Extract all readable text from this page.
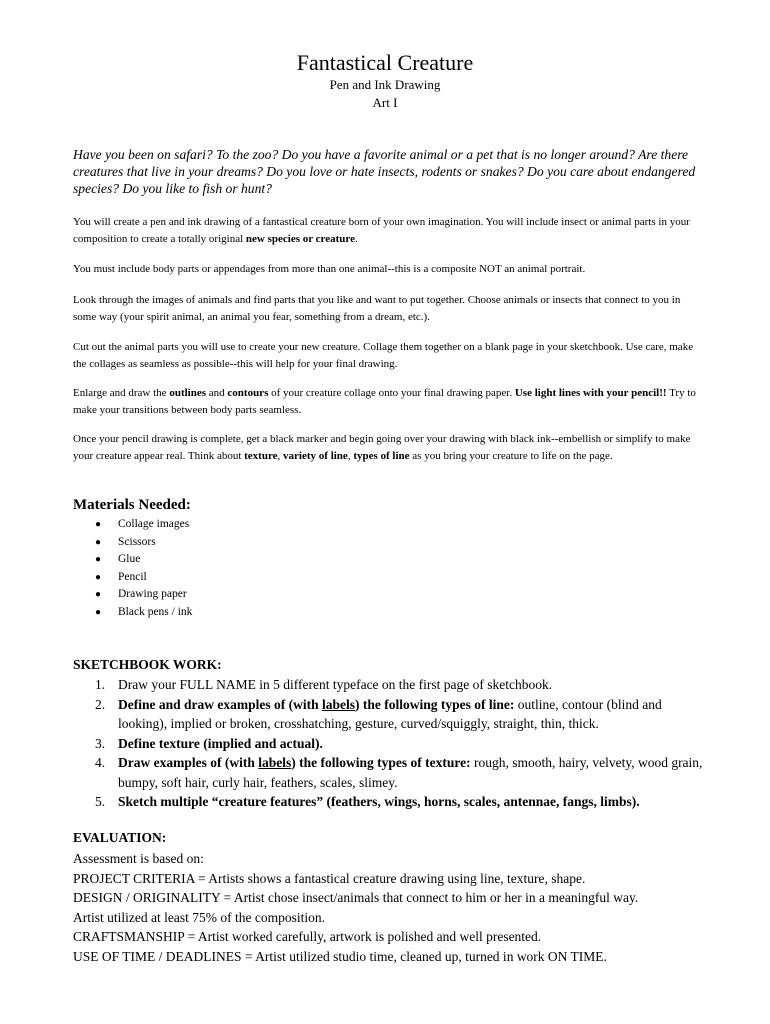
Fantastical Creature
Pen and Ink Drawing
Art I

Have you been on safari? To the zoo? Do you have a favorite animal or a pet that is no longer around? Are there creatures that live in your dreams? Do you love or hate insects, rodents or snakes? Do you care about endangered species? Do you like to fish or hunt?

You will create a pen and ink drawing of a fantastical creature born of your own imagination. You will include insect or animal parts in your composition to create a totally original new species or creature.

You must include body parts or appendages from more than one animal--this is a composite NOT an animal portrait.

Look through the images of animals and find parts that you like and want to put together. Choose animals or insects that connect to you in some way (your spirit animal, an animal you fear, something from a dream, etc.).

Cut out the animal parts you will use to create your new creature. Collage them together on a blank page in your sketchbook. Use care, make the collages as seamless as possible--this will help for your final drawing.

Enlarge and draw the outlines and contours of your creature collage onto your final drawing paper. Use light lines with your pencil!! Try to make your transitions between body parts seamless.

Once your pencil drawing is complete, get a black marker and begin going over your drawing with black ink--embellish or simplify to make your creature appear real. Think about texture, variety of line, types of line as you bring your creature to life on the page.

Materials Needed:
● Collage images
● Scissors
● Glue
● Pencil
● Drawing paper
● Black pens / ink
SKETCHBOOK WORK:
1. Draw your FULL NAME in 5 different typeface on the first page of sketchbook.
2. Define and draw examples of (with labels) the following types of line: outline, contour (blind and looking), implied or broken, crosshatching, gesture, curved/squiggly, straight, thin, thick.
3. Define texture (implied and actual).
4. Draw examples of (with labels) the following types of texture: rough, smooth, hairy, velvety, wood grain, bumpy, soft hair, curly hair, feathers, scales, slimey.
5. Sketch multiple “creature features” (feathers, wings, horns, scales, antennae, fangs, limbs).
EVALUATION:
Assessment is based on:
PROJECT CRITERIA = Artists shows a fantastical creature drawing using line, texture, shape.
DESIGN / ORIGINALITY = Artist chose insect/animals that connect to him or her in a meaningful way.
Artist utilized at least 75% of the composition.
CRAFTSMANSHIP = Artist worked carefully, artwork is polished and well presented.
USE OF TIME / DEADLINES = Artist utilized studio time, cleaned up, turned in work ON TIME.
